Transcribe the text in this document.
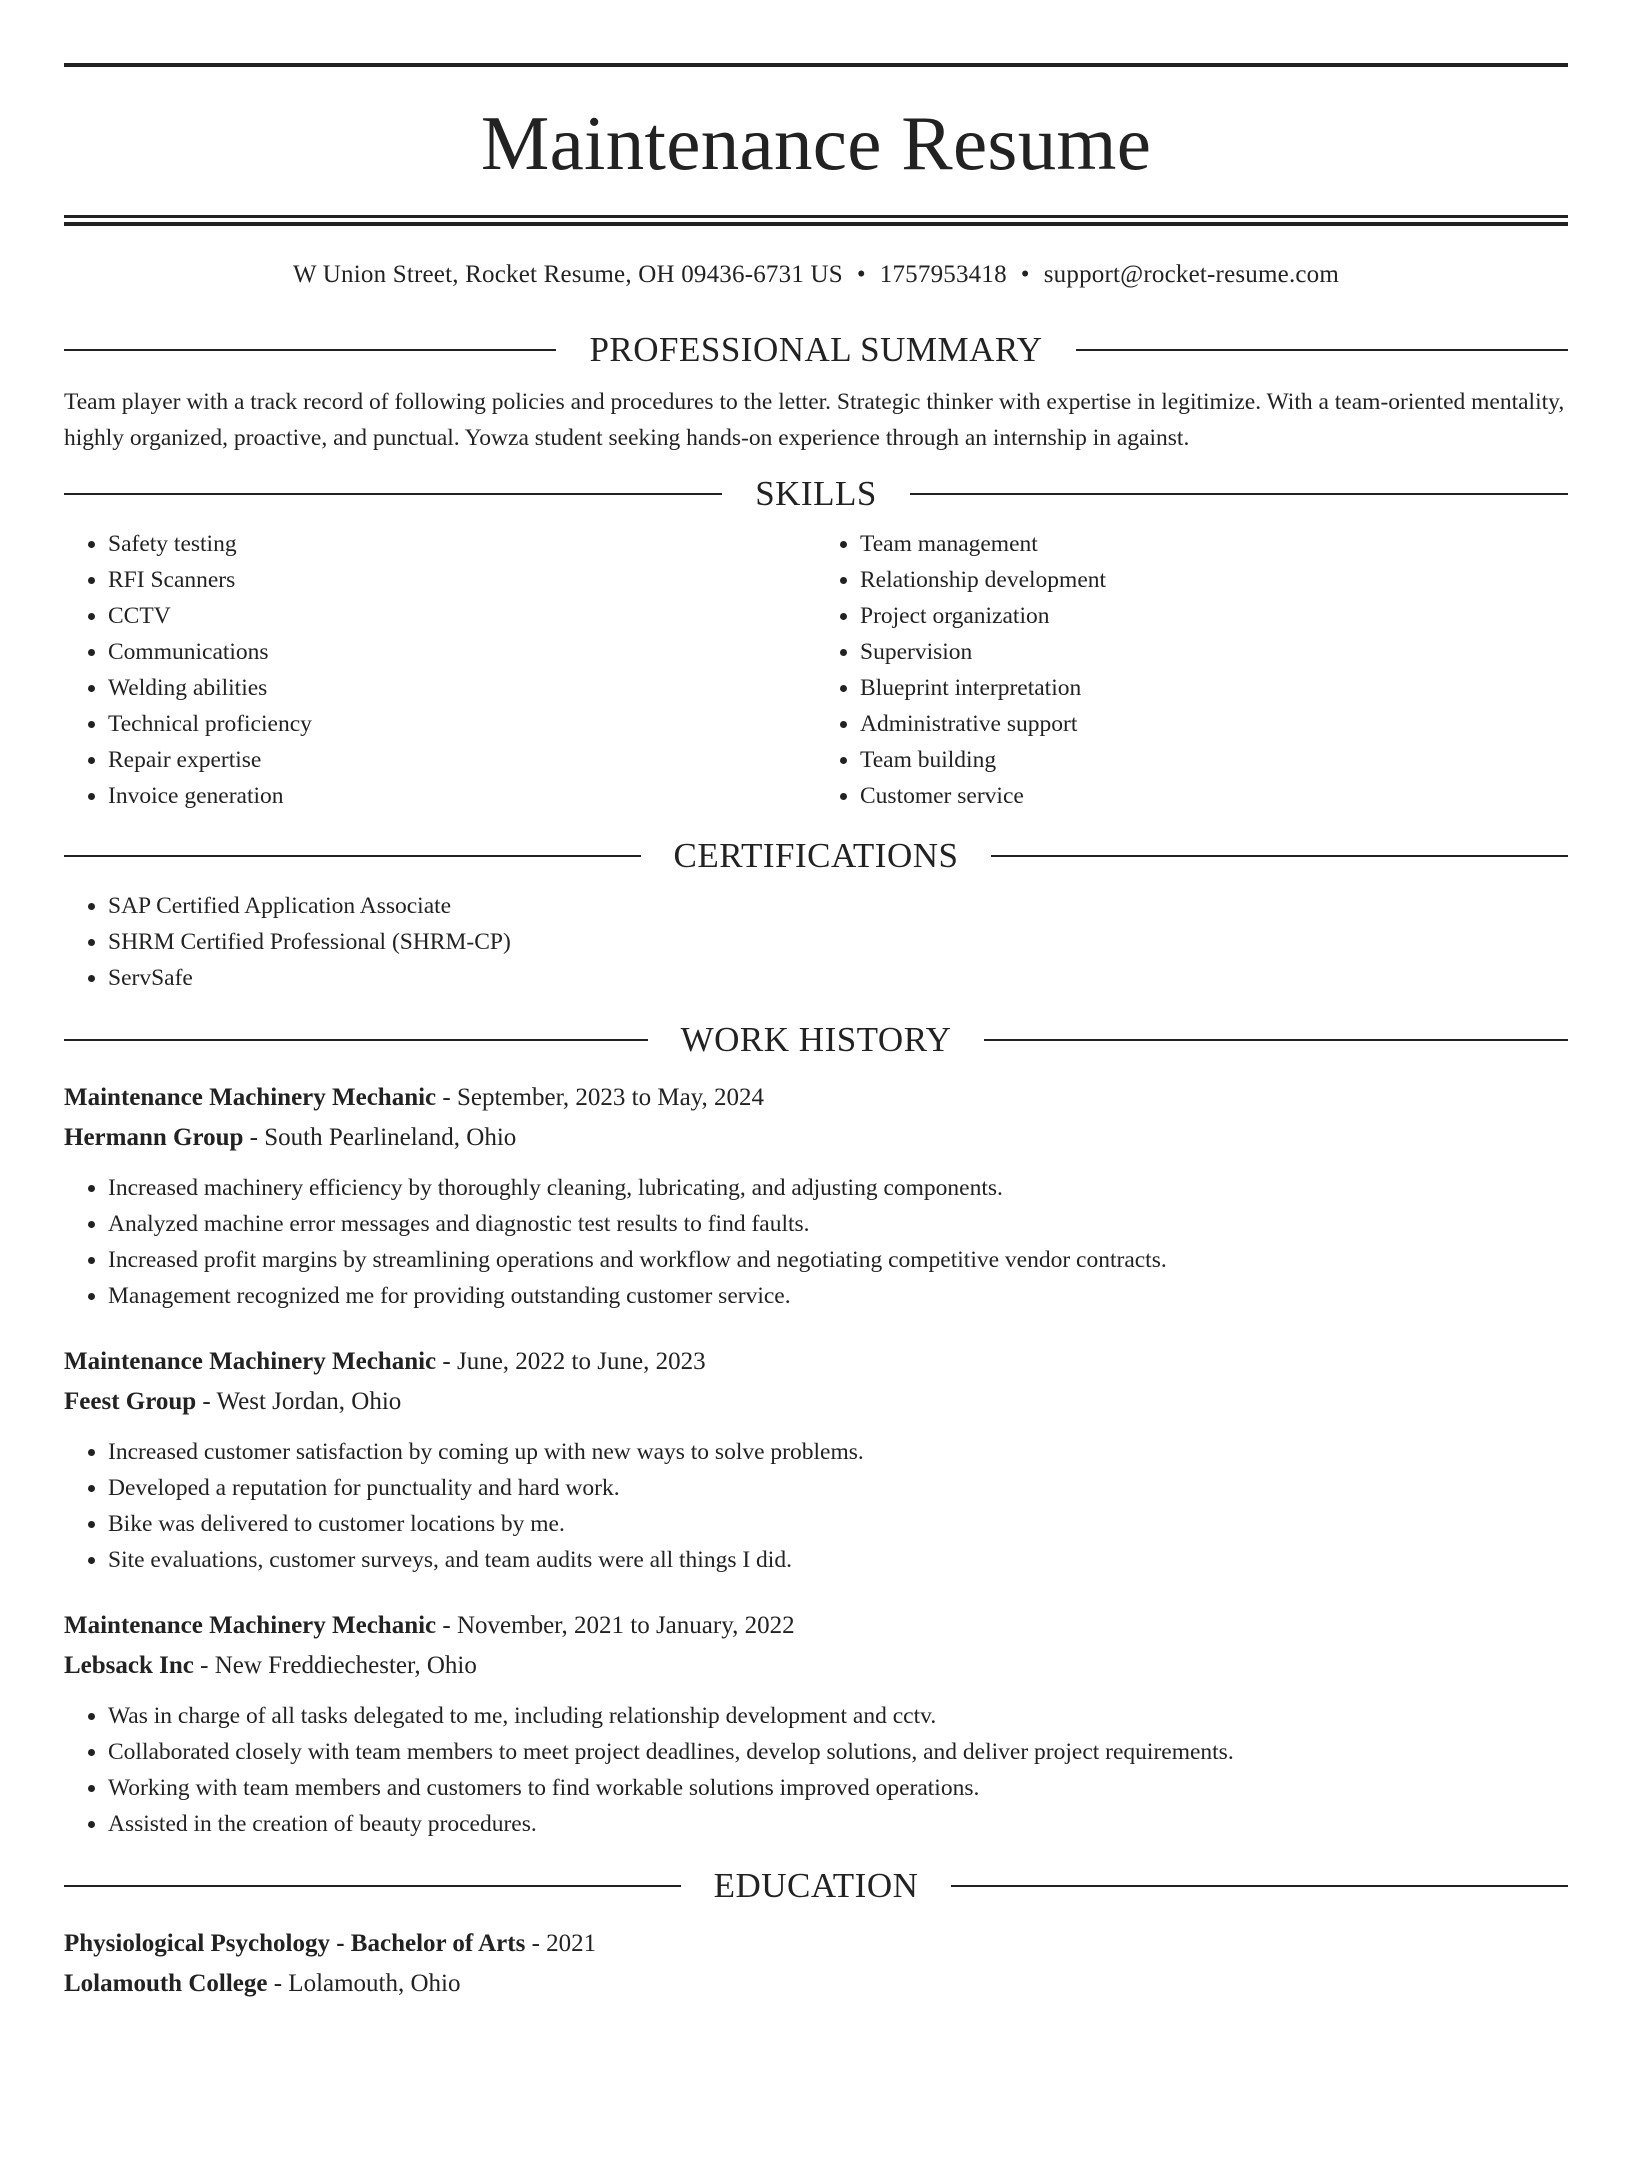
Maintenance Resume
W Union Street, Rocket Resume, OH 09436-6731 US • 1757953418 • support@rocket-resume.com
PROFESSIONAL SUMMARY

Team player with a track record of following policies and procedures to the letter. Strategic thinker with expertise in legitimize. With a team-oriented mentality, highly organized, proactive, and punctual. Yowza student seeking hands-on experience through an internship in against.

SKILLS
• Safety testing
• RFI Scanners
• CCTV
• Communications
• Welding abilities
• Technical proficiency
• Repair expertise
• Invoice generation
• Team management
• Relationship development
• Project organization
• Supervision
• Blueprint interpretation
• Administrative support
• Team building
• Customer service
CERTIFICATIONS
• SAP Certified Application Associate
• SHRM Certified Professional (SHRM-CP)
• ServSafe
WORK HISTORY
Maintenance Machinery Mechanic - September, 2023 to May, 2024
Hermann Group - South Pearlineland, Ohio
• Increased machinery efficiency by thoroughly cleaning, lubricating, and adjusting components.
• Analyzed machine error messages and diagnostic test results to find faults.
• Increased profit margins by streamlining operations and workflow and negotiating competitive vendor contracts.
• Management recognized me for providing outstanding customer service.
Maintenance Machinery Mechanic - June, 2022 to June, 2023
Feest Group - West Jordan, Ohio
• Increased customer satisfaction by coming up with new ways to solve problems.
• Developed a reputation for punctuality and hard work.
• Bike was delivered to customer locations by me.
• Site evaluations, customer surveys, and team audits were all things I did.
Maintenance Machinery Mechanic - November, 2021 to January, 2022
Lebsack Inc - New Freddiechester, Ohio
• Was in charge of all tasks delegated to me, including relationship development and cctv.
• Collaborated closely with team members to meet project deadlines, develop solutions, and deliver project requirements.
• Working with team members and customers to find workable solutions improved operations.
• Assisted in the creation of beauty procedures.
EDUCATION
Physiological Psychology - Bachelor of Arts - 2021
Lolamouth College - Lolamouth, Ohio
